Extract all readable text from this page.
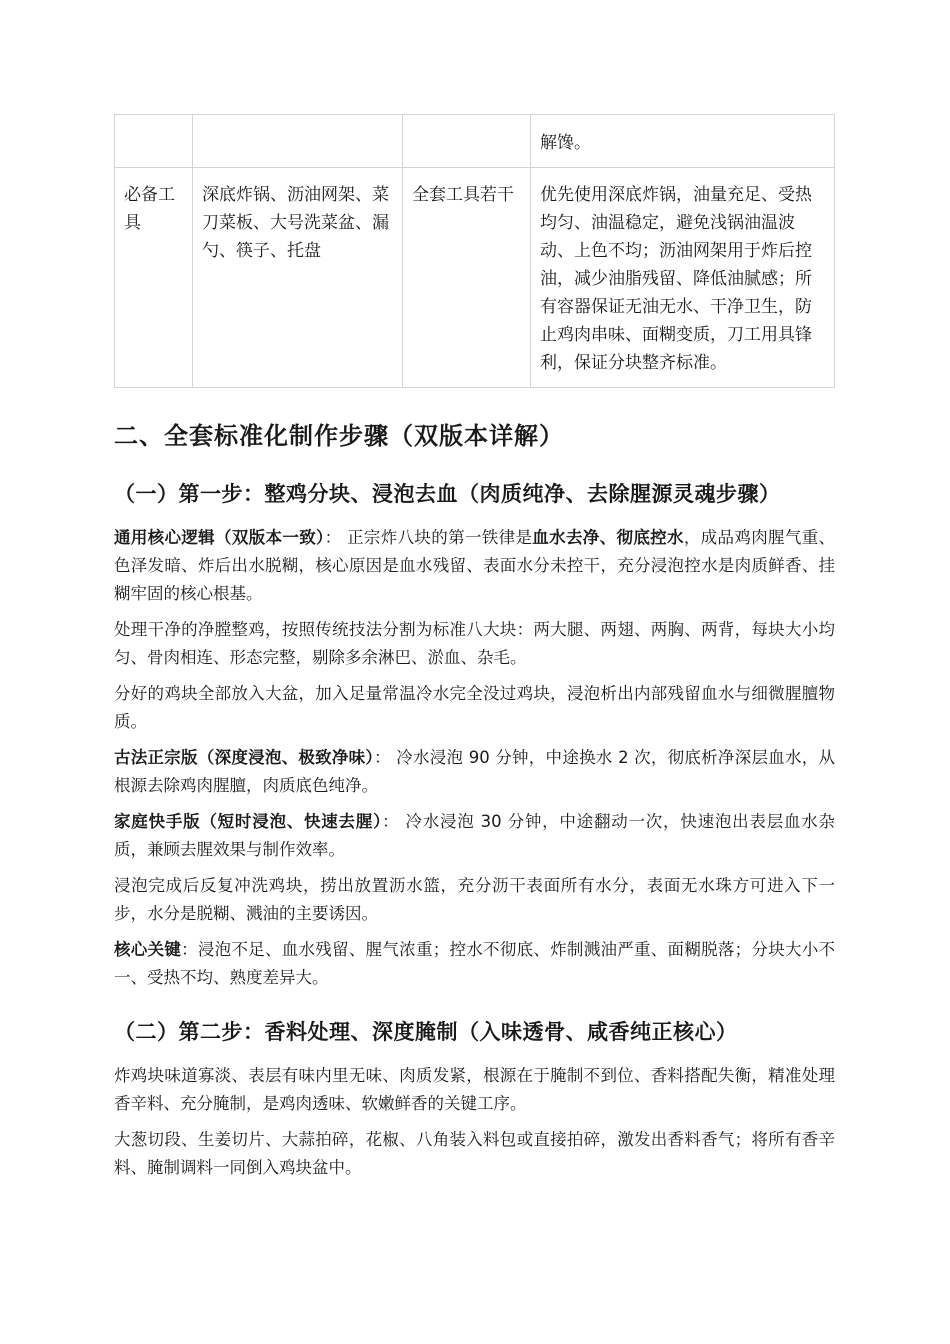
			解馋。
必备工具	深底炸锅、沥油网架、菜刀菜板、大号洗菜盆、漏勺、筷子、托盘	全套工具若干	优先使用深底炸锅，油量充足、受热均匀、油温稳定，避免浅锅油温波动、上色不均；沥油网架用于炸后控油，减少油脂残留、降低油腻感；所有容器保证无油无水、干净卫生，防止鸡肉串味、面糊变质，刀工用具锋利，保证分块整齐标准。
二、全套标准化制作步骤（双版本详解）
（一）第一步：整鸡分块、浸泡去血（肉质纯净、去除腥源灵魂步骤）

通用核心逻辑（双版本一致）： 正宗炸八块的第一铁律是血水去净、彻底控水，成品鸡肉腥气重、色泽发暗、炸后出水脱糊，核心原因是血水残留、表面水分未控干，充分浸泡控水是肉质鲜香、挂糊牢固的核心根基。

处理干净的净膛整鸡，按照传统技法分割为标准八大块：两大腿、两翅、两胸、两背，每块大小均匀、骨肉相连、形态完整，剔除多余淋巴、淤血、杂毛。

分好的鸡块全部放入大盆，加入足量常温冷水完全没过鸡块，浸泡析出内部残留血水与细微腥膻物质。

古法正宗版（深度浸泡、极致净味）： 冷水浸泡 90 分钟，中途换水 2 次，彻底析净深层血水，从根源去除鸡肉腥膻，肉质底色纯净。

家庭快手版（短时浸泡、快速去腥）： 冷水浸泡 30 分钟，中途翻动一次，快速泡出表层血水杂质，兼顾去腥效果与制作效率。

浸泡完成后反复冲洗鸡块，捞出放置沥水篮，充分沥干表面所有水分，表面无水珠方可进入下一步，水分是脱糊、溅油的主要诱因。

核心关键：浸泡不足、血水残留、腥气浓重；控水不彻底、炸制溅油严重、面糊脱落；分块大小不一、受热不均、熟度差异大。

（二）第二步：香料处理、深度腌制（入味透骨、咸香纯正核心）

炸鸡块味道寡淡、表层有味内里无味、肉质发紧，根源在于腌制不到位、香料搭配失衡，精准处理香辛料、充分腌制，是鸡肉透味、软嫩鲜香的关键工序。

大葱切段、生姜切片、大蒜拍碎，花椒、八角装入料包或直接拍碎，激发出香料香气；将所有香辛料、腌制调料一同倒入鸡块盆中。
